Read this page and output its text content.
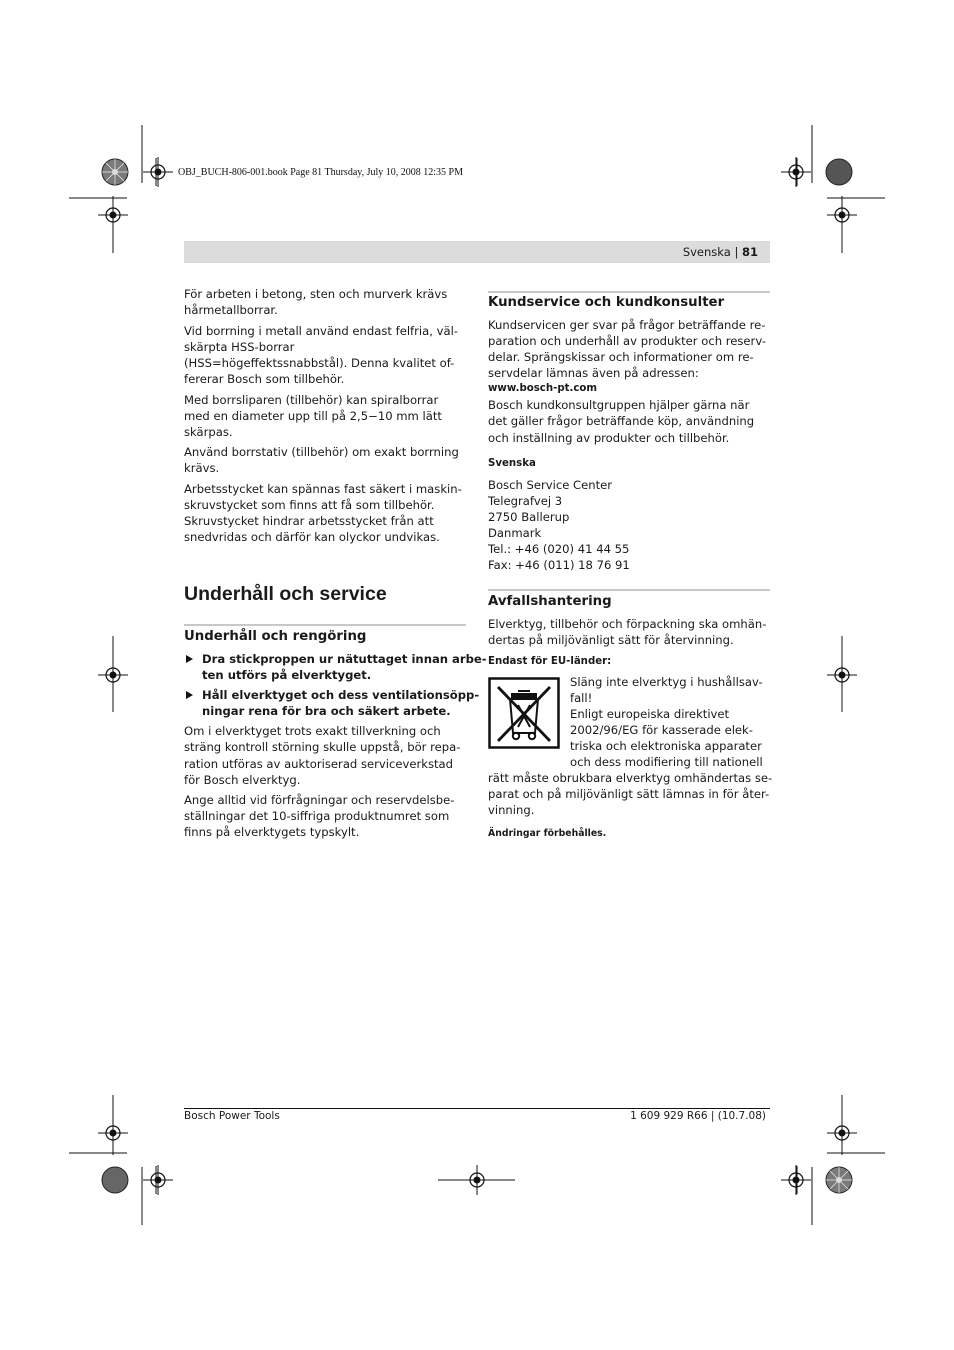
OBJ_BUCH-806-001.book Page 81 Thursday, July 10, 2008 12:35 PM
Svenska | 81

För arbeten i betong, sten och murverk krävs
hårmetallborrar.

Vid borrning i metall använd endast felfria, väl-
skärpta HSS-borrar
(HSS=högeffektssnabbstål). Denna kvalitet of-
fererar Bosch som tillbehör.

Med borrsliparen (tillbehör) kan spiralborrar
med en diameter upp till på 2,5−10 mm lätt
skärpas.

Använd borrstativ (tillbehör) om exakt borrning
krävs.

Arbetsstycket kan spännas fast säkert i maskin-
skruvstycket som finns att få som tillbehör.
Skruvstycket hindrar arbetsstycket från att
snedvridas och därför kan olyckor undvikas.

Underhåll och service
Underhåll och rengöring
Dra stickproppen ur nätuttaget innan arbe-
ten utförs på elverktyget.
Håll elverktyget och dess ventilationsöpp-
ningar rena för bra och säkert arbete.

Om i elverktyget trots exakt tillverkning och
sträng kontroll störning skulle uppstå, bör repa-
ration utföras av auktoriserad serviceverkstad
för Bosch elverktyg.

Ange alltid vid förfrågningar och reservdelsbe-
ställningar det 10-siffriga produktnumret som
finns på elverktygets typskylt.

Kundservice och kundkonsulter
Kundservicen ger svar på frågor beträffande re-
paration och underhåll av produkter och reserv-
delar. Sprängskissar och informationer om re-
servdelar lämnas även på adressen:
www.bosch-pt.com
Bosch kundkonsultgruppen hjälper gärna när
det gäller frågor beträffande köp, användning
och inställning av produkter och tillbehör.
Svenska
Bosch Service Center
Telegrafvej 3
2750 Ballerup
Danmark
Tel.: +46 (020) 41 44 55
Fax: +46 (011) 18 76 91
Avfallshantering
Elverktyg, tillbehör och förpackning ska omhän-
dertas på miljövänligt sätt för återvinning.
Endast för EU-länder:
Släng inte elverktyg i hushållsav-
fall!
Enligt europeiska direktivet
2002/96/EG för kasserade elek-
triska och elektroniska apparater
och dess modifiering till nationell
rätt måste obrukbara elverktyg omhändertas se-
parat och på miljövänligt sätt lämnas in för åter-
vinning.
Ändringar förbehålles.
Bosch Power Tools	1 609 929 R66 | (10.7.08)
